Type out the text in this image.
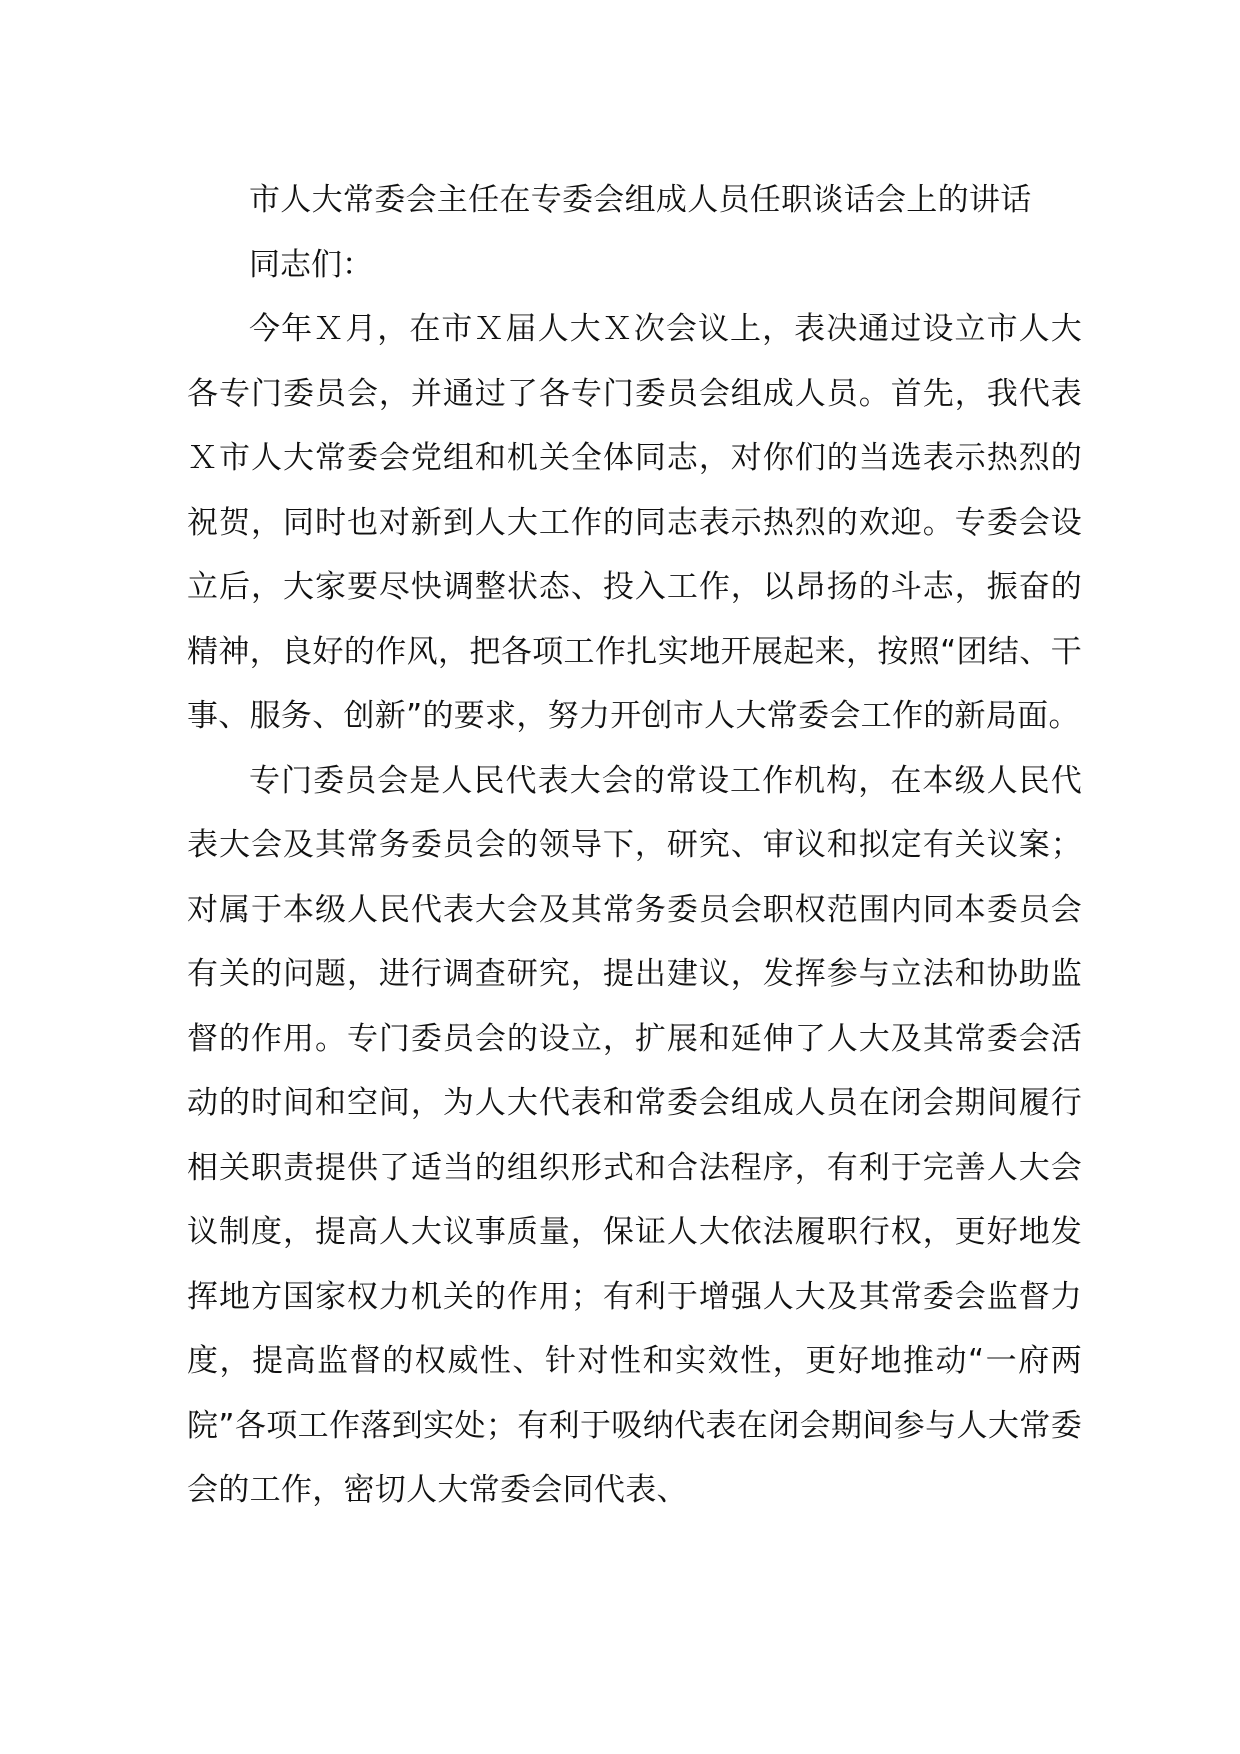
市人大常委会主任在专委会组成人员任职谈话会上的讲话

同志们：

今年Ｘ月，在市Ｘ届人大Ｘ次会议上，表决通过设立市人大各专门委员会，并通过了各专门委员会组成人员。首先，我代表Ｘ市人大常委会党组和机关全体同志，对你们的当选表示热烈的祝贺，同时也对新到人大工作的同志表示热烈的欢迎。专委会设立后，大家要尽快调整状态、投入工作，以昂扬的斗志，振奋的精神，良好的作风，把各项工作扎实地开展起来，按照“团结、干事、服务、创新”的要求，努力开创市人大常委会工作的新局面。

专门委员会是人民代表大会的常设工作机构，在本级人民代表大会及其常务委员会的领导下，研究、审议和拟定有关议案；对属于本级人民代表大会及其常务委员会职权范围内同本委员会有关的问题，进行调查研究，提出建议，发挥参与立法和协助监督的作用。专门委员会的设立，扩展和延伸了人大及其常委会活动的时间和空间，为人大代表和常委会组成人员在闭会期间履行相关职责提供了适当的组织形式和合法程序，有利于完善人大会议制度，提高人大议事质量，保证人大依法履职行权，更好地发挥地方国家权力机关的作用；有利于增强人大及其常委会监督力度，提高监督的权威性、针对性和实效性，更好地推动“一府两院”各项工作落到实处；有利于吸纳代表在闭会期间参与人大常委会的工作，密切人大常委会同代表、
